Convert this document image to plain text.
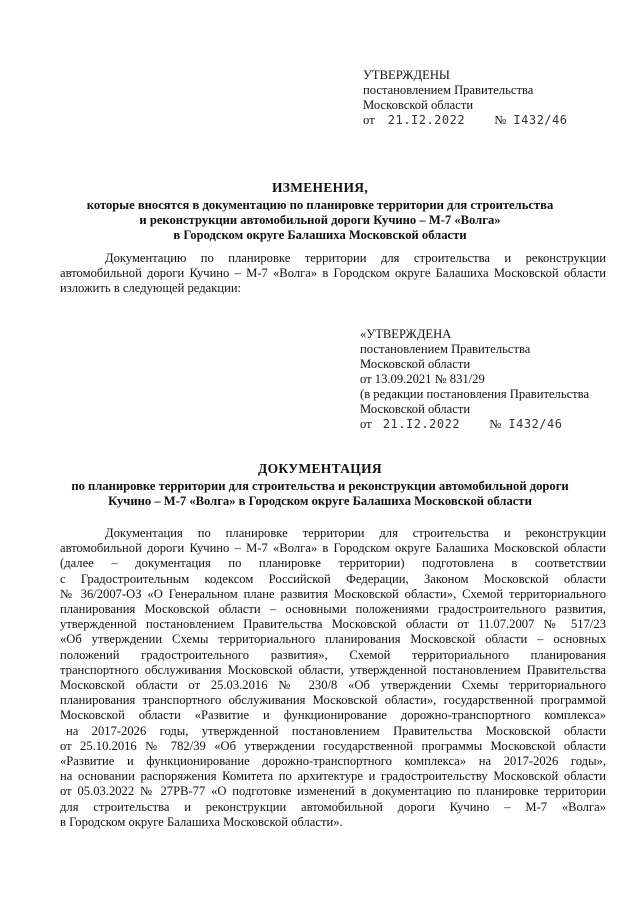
УТВЕРЖДЕНЫ
постановлением Правительства
Московской области
от 21.I2.2022 № I432/46
ИЗМЕНЕНИЯ,
которые вносятся в документацию по планировке территории для строительства
и реконструкции автомобильной дороги Кучино – М-7 «Волга»
в Городском округе Балашиха Московской области
Документацию по планировке территории для строительства и реконструкции
автомобильной дороги Кучино – М-7 «Волга» в Городском округе Балашиха Московской области
изложить в следующей редакции:
«УТВЕРЖДЕНА
постановлением Правительства
Московской области
от 13.09.2021 № 831/29
(в редакции постановления Правительства
Московской области
от 21.I2.2022 № I432/46
ДОКУМЕНТАЦИЯ
по планировке территории для строительства и реконструкции автомобильной дороги
Кучино – М-7 «Волга» в Городском округе Балашиха Московской области
Документация по планировке территории для строительства и реконструкции
автомобильной дороги Кучино – М-7 «Волга» в Городском округе Балашиха Московской области
(далее – документация по планировке территории) подготовлена в соответствии
с Градостроительным кодексом Российской Федерации, Законом Московской области
№ 36/2007-ОЗ «О Генеральном плане развития Московской области», Схемой территориального
планирования Московской области – основными положениями градостроительного развития,
утвержденной постановлением Правительства Московской области от 11.07.2007 № 517/23
«Об утверждении Схемы территориального планирования Московской области – основных
положений градостроительного развития», Схемой территориального планирования
транспортного обслуживания Московской области, утвержденной постановлением Правительства
Московской области от 25.03.2016 № 230/8 «Об утверждении Схемы территориального
планирования транспортного обслуживания Московской области», государственной программой
Московской области «Развитие и функционирование дорожно-транспортного комплекса»
на 2017-2026 годы, утвержденной постановлением Правительства Московской области
от 25.10.2016 № 782/39 «Об утверждении государственной программы Московской области
«Развитие и функционирование дорожно-транспортного комплекса» на 2017-2026 годы»,
на основании распоряжения Комитета по архитектуре и градостроительству Московской области
от 05.03.2022 № 27РВ-77 «О подготовке изменений в документацию по планировке территории
для строительства и реконструкции автомобильной дороги Кучино – М-7 «Волга»
в Городском округе Балашиха Московской области».
